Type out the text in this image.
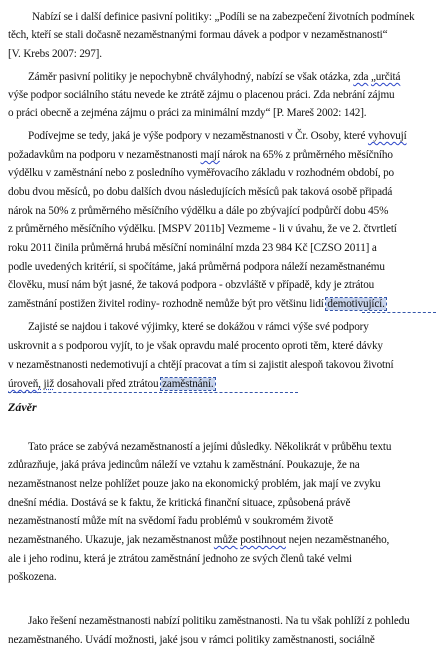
Nabízí se i další definice pasivní politiky: „Podíli se na zabezpečení životních podmínek
těch, kteří se stali dočasně nezaměstnanými formau dávek a podpor v nezaměstnanosti“
[V. Krebs 2007: 297].
Záměr pasivní politiky je nepochybně chvályhodný, nabízí se však otázka, zda „určitá
výše podpor sociálního státu nevede ke ztrátě zájmu o placenou práci. Zda nebrání zájmu
o práci obecně a zejména zájmu o práci za minimální mzdy“ [P. Mareš 2002: 142].
Podívejme se tedy, jaká je výše podpory v nezaměstnanosti v Čr. Osoby, které vyhovují
požadavkům na podporu v nezaměstnanosti mají nárok na 65% z průměrného měsíčního
výdělku v zaměstnání nebo z posledního vyměřovacího základu v rozhodném období, po
dobu dvou měsíců, po dobu dalších dvou následujících měsíců pak taková osobě připadá
nárok na 50% z průměrného měsíčního výdělku a dále po zbývající podpůrčí dobu 45%
z průměrného měsíčního výdělku. [MSPV 2011b] Vezmeme - li v úvahu, že ve 2. čtvrtletí
roku 2011 činila průměrná hrubá měsíční nominální mzda 23 984 Kč [CZSO 2011] a
podle uvedených kritérií, si spočítáme, jaká průměrná podpora náleží nezaměstnanému
člověku, musí nám být jasné, že taková podpora - obzvláště v případě, kdy je ztrátou
zaměstnání postižen živitel rodiny- rozhodně nemůže být pro většinu lidí demotivující.
Zajisté se najdou i takové výjimky, které se dokážou v rámci výše své podpory
uskrovnit a s podporou vyjít, to je však opravdu malé procento oproti těm, které dávky
v nezaměstnanosti nedemotivují a chtějí pracovat a tím si zajistit alespoň takovou životní
úroveň, již dosahovali před ztrátou zaměstnání.
Závěr
Tato práce se zabývá nezaměstnaností a jejími důsledky. Několikrát v průběhu textu
zdůrazňuje, jaká práva jedincům náleží ve vztahu k zaměstnání. Poukazuje, že na
nezaměstnanost nelze pohlížet pouze jako na ekonomický problém, jak mají ve zvyku
dnešní média. Dostává se k faktu, že kritická finanční situace, způsobená právě
nezaměstnaností může mít na svědomí řadu problémů v soukromém životě
nezaměstnaného. Ukazuje, jak nezaměstnanost může postihnout nejen nezaměstnaného,
ale i jeho rodinu, která je ztrátou zaměstnání jednoho ze svých členů také velmi
poškozena.
Jako řešení nezaměstnanosti nabízí politiku zaměstnanosti. Na tu však pohlíží z pohledu
nezaměstnaného. Uvádí možnosti, jaké jsou v rámci politiky zaměstnanosti, sociálně
